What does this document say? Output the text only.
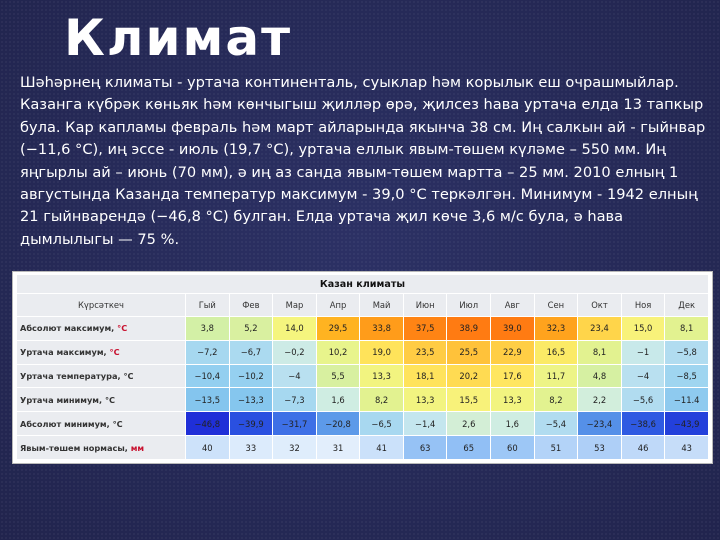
Климат
Шәһәрнең климаты - уртача континенталь, суыклар һәм корылык еш очрашмыйлар. Казанга күбрәк көньяк һәм көнчыгыш җилләр өрә, җилсез һава уртача елда 13 тапкыр була. Кар капламы февраль һәм март айларында якынча 38 см. Иң салкын ай - гыйнвар (−11,6 °С), иң эссе - июль (19,7 °С), уртача еллык явым-төшем күләме – 550 мм. Иң яңгырлы ай – июнь (70 мм), ә иң аз санда явым-төшем мартта – 25 мм. 2010 елның 1 августында Казанда температур максимум - 39,0 °С теркәлгән. Минимум - 1942 елның 21 гыйнварендә (−46,8 °С) булган. Елда уртача җил көче 3,6 м/с була, ә һава дымлылыгы — 75 %.
Казан климаты												
Күрсәткеч	Гый	Фев	Мар	Апр	Май	Июн	Июл	Авг	Сен	Окт	Ноя	Дек
Абсолют максимум, °C	3,8	5,2	14,0	29,5	33,8	37,5	38,9	39,0	32,3	23,4	15,0	8,1
Уртача максимум, °C	−7,2	−6,7	−0,2	10,2	19,0	23,5	25,5	22,9	16,5	8,1	−1	−5,8
Уртача температура, °C	−10,4	−10,2	−4	5,5	13,3	18,1	20,2	17,6	11,7	4,8	−4	−8,5
Уртача минимум, °C	−13,5	−13,3	−7,3	1,6	8,2	13,3	15,5	13,3	8,2	2,2	−5,6	−11.4
Абсолют минимум, °C	−46,8	−39,9	−31,7	−20,8	−6,5	−1,4	2,6	1,6	−5,4	−23,4	−38,6	−43,9
Явым-төшем нормасы, мм	40	33	32	31	41	63	65	60	51	53	46	43
